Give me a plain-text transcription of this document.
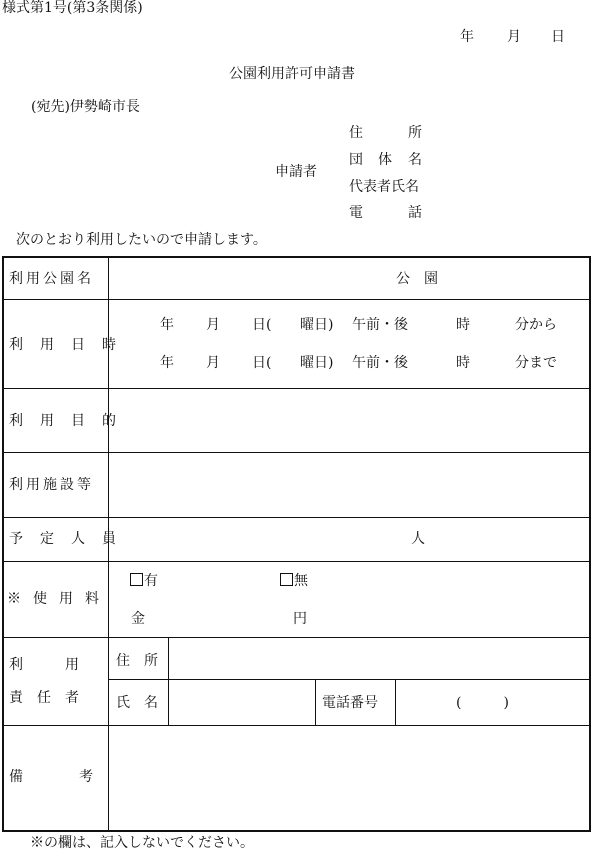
様式第1号(第3条関係)
年 月 日
公園利用許可申請書
(宛先)伊勢崎市長
申請者
住	所
団 体 名
代表者氏名
電	話
次のとおり利用したいので申請します。
利用公園名	公　園
利用日時
年 月 日( 曜日) 午前・後	時	分から
年 月 日( 曜日) 午前・後	時	分まで
利用目的
利用施設等
予定人員	人
※使用料
有	無
金	円
利　　　用
責　任　者
住　所
氏　名	電話番号	(　　　)
備　　　　考
※の欄は、記入しないでください。
